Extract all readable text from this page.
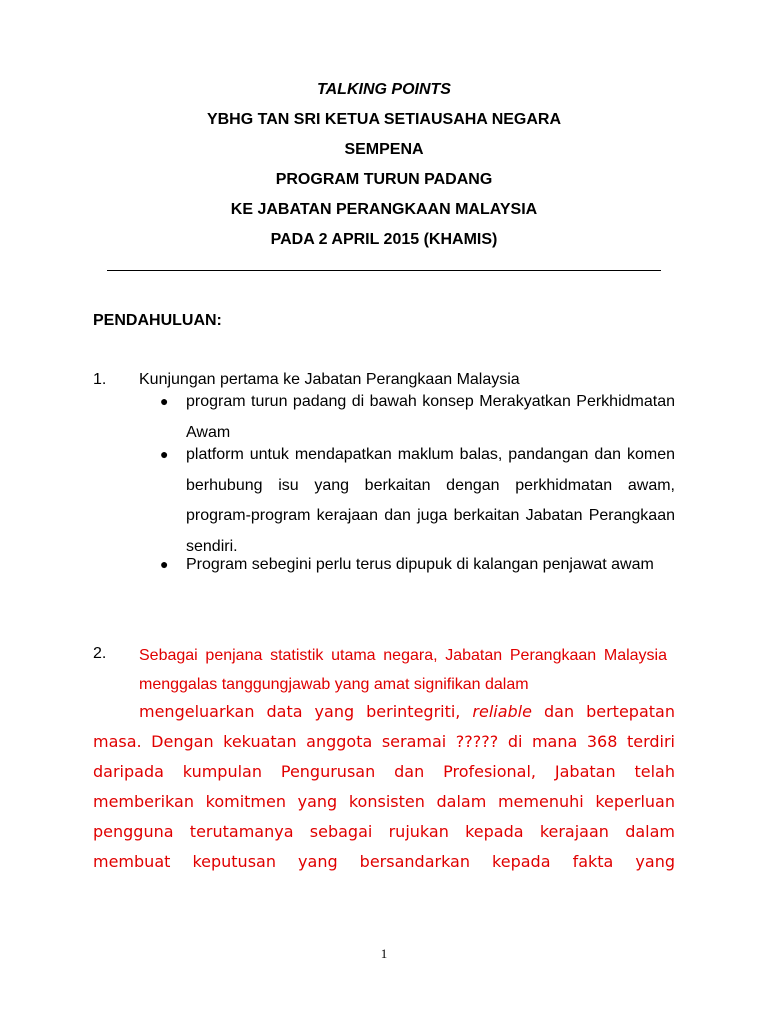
TALKING POINTS
YBHG TAN SRI KETUA SETIAUSAHA NEGARA
SEMPENA
PROGRAM TURUN PADANG
KE JABATAN PERANGKAAN MALAYSIA
PADA 2 APRIL 2015 (KHAMIS)
PENDAHULUAN:
1. Kunjungan pertama ke Jabatan Perangkaan Malaysia
● program turun padang di bawah konsep Merakyatkan Perkhidmatan Awam
● platform untuk mendapatkan maklum balas, pandangan dan komen berhubung isu yang berkaitan dengan perkhidmatan awam, program-program kerajaan dan juga berkaitan Jabatan Perangkaan sendiri.
● Program sebegini perlu terus dipupuk di kalangan penjawat awam
2. Sebagai penjana statistik utama negara, Jabatan Perangkaan Malaysia menggalas tanggungjawab yang amat signifikan dalam
mengeluarkan data yang berintegriti, reliable dan bertepatan masa. Dengan kekuatan anggota seramai ????? di mana 368 terdiri daripada kumpulan Pengurusan dan Profesional, Jabatan telah memberikan komitmen yang konsisten dalam memenuhi keperluan pengguna terutamanya sebagai rujukan kepada kerajaan dalam membuat keputusan yang bersandarkan kepada fakta yang
1
